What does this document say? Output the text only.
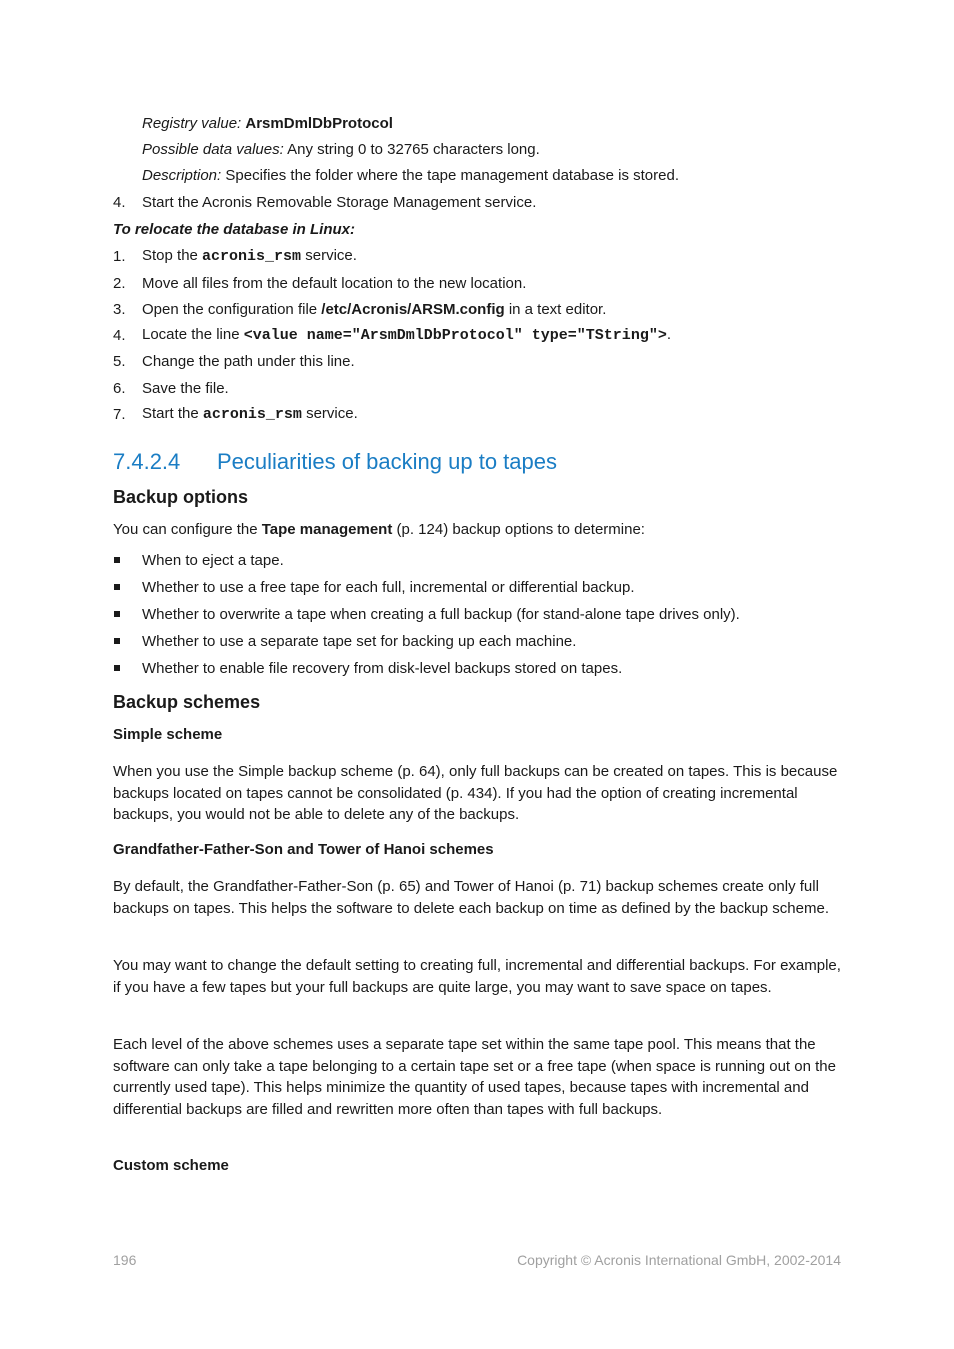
Registry value: ArsmDmlDbProtocol
Possible data values: Any string 0 to 32765 characters long.
Description: Specifies the folder where the tape management database is stored.
4. Start the Acronis Removable Storage Management service.
To relocate the database in Linux:
1. Stop the acronis_rsm service.
2. Move all files from the default location to the new location.
3. Open the configuration file /etc/Acronis/ARSM.config in a text editor.
4. Locate the line <value name="ArsmDmlDbProtocol" type="TString">.
5. Change the path under this line.
6. Save the file.
7. Start the acronis_rsm service.
7.4.2.4 Peculiarities of backing up to tapes
Backup options
You can configure the Tape management (p. 124) backup options to determine:
When to eject a tape.
Whether to use a free tape for each full, incremental or differential backup.
Whether to overwrite a tape when creating a full backup (for stand-alone tape drives only).
Whether to use a separate tape set for backing up each machine.
Whether to enable file recovery from disk-level backups stored on tapes.
Backup schemes
Simple scheme
When you use the Simple backup scheme (p. 64), only full backups can be created on tapes. This is because backups located on tapes cannot be consolidated (p. 434). If you had the option of creating incremental backups, you would not be able to delete any of the backups.
Grandfather-Father-Son and Tower of Hanoi schemes
By default, the Grandfather-Father-Son (p. 65) and Tower of Hanoi (p. 71) backup schemes create only full backups on tapes. This helps the software to delete each backup on time as defined by the backup scheme.
You may want to change the default setting to creating full, incremental and differential backups. For example, if you have a few tapes but your full backups are quite large, you may want to save space on tapes.
Each level of the above schemes uses a separate tape set within the same tape pool. This means that the software can only take a tape belonging to a certain tape set or a free tape (when space is running out on the currently used tape). This helps minimize the quantity of used tapes, because tapes with incremental and differential backups are filled and rewritten more often than tapes with full backups.
Custom scheme
196	Copyright © Acronis International GmbH, 2002-2014
